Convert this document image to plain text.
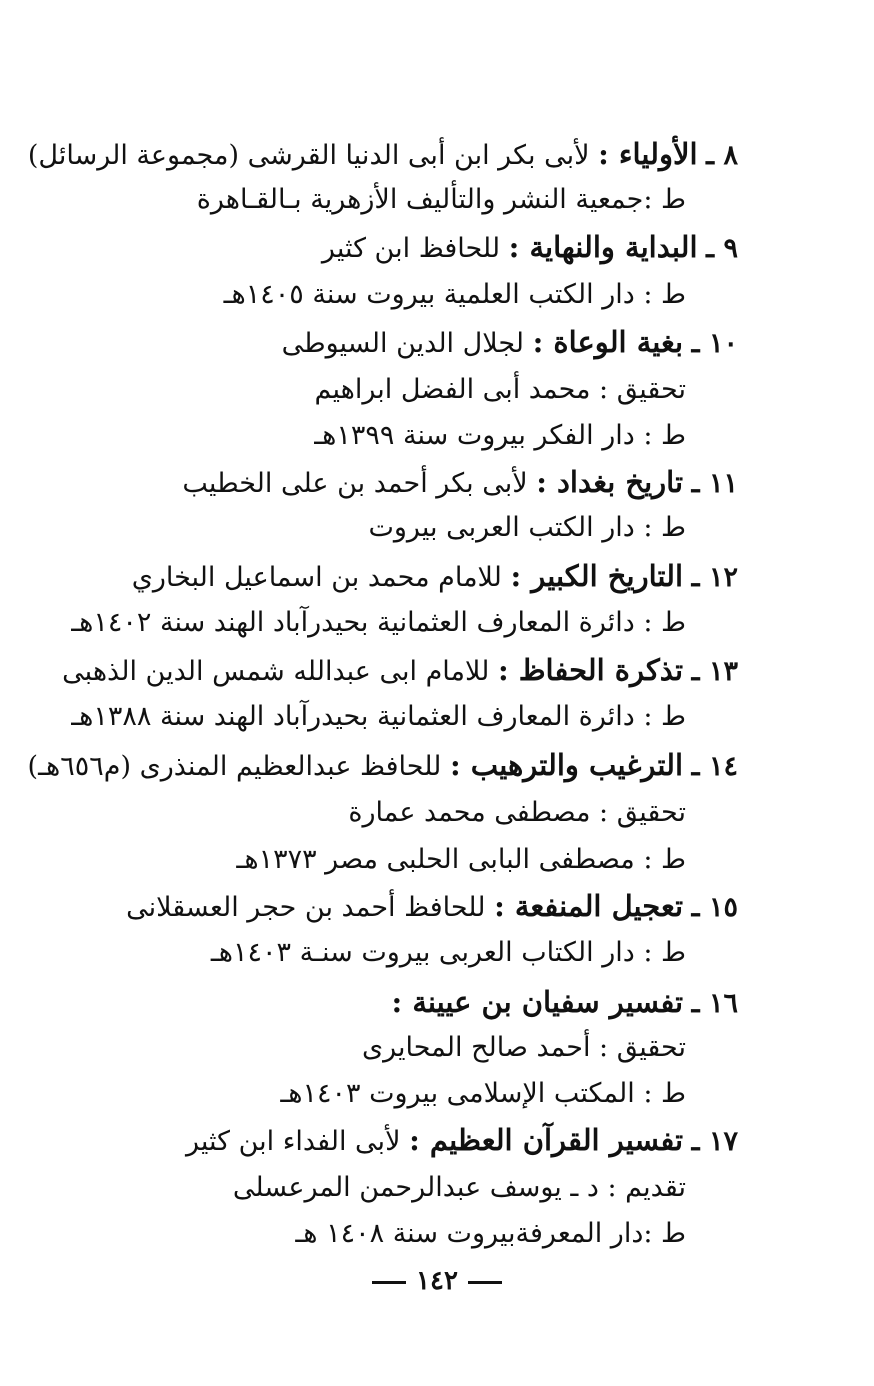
٨ ـ الأولياء : لأبى بكر ابن أبى الدنيا القرشى (مجموعة الرسائل)
ط :جمعية النشر والتأليف الأزهرية بـالقـاهرة
٩ ـ البداية والنهاية : للحافظ ابن كثير
ط : دار الكتب العلمية بيروت سنة ١٤٠٥هـ
١٠ ـ بغية الوعاة : لجلال الدين السيوطى
تحقيق : محمد أبى الفضل ابراهيم
ط : دار الفكر بيروت سنة ١٣٩٩هـ
١١ ـ تاريخ بغداد : لأبى بكر أحمد بن على الخطيب
ط : دار الكتب العربى بيروت
١٢ ـ التاريخ الكبير : للامام محمد بن اسماعيل البخاري
ط : دائرة المعارف العثمانية بحيدرآباد الهند سنة ١٤٠٢هـ
١٣ ـ تذكرة الحفاظ : للامام ابى عبدالله شمس الدين الذهبى
ط : دائرة المعارف العثمانية بحيدرآباد الهند سنة ١٣٨٨هـ
١٤ ـ الترغيب والترهيب : للحافظ عبدالعظيم المنذرى (م٦٥٦هـ)
تحقيق : مصطفى محمد عمارة
ط : مصطفى البابى الحلبى مصر ١٣٧٣هـ
١٥ ـ تعجيل المنفعة : للحافظ أحمد بن حجر العسقلانى
ط : دار الكتاب العربى بيروت سنـة ١٤٠٣هـ
١٦ ـ تفسير سفيان بن عيينة :
تحقيق : أحمد صالح المحايرى
ط : المكتب الإسلامى بيروت ١٤٠٣هـ
١٧ ـ تفسير القرآن العظيم : لأبى الفداء ابن كثير
تقديم : د ـ يوسف عبدالرحمن المرعسلى
ط :دار المعرفةبيروت سنة ١٤٠٨ هـ
١٤٢
